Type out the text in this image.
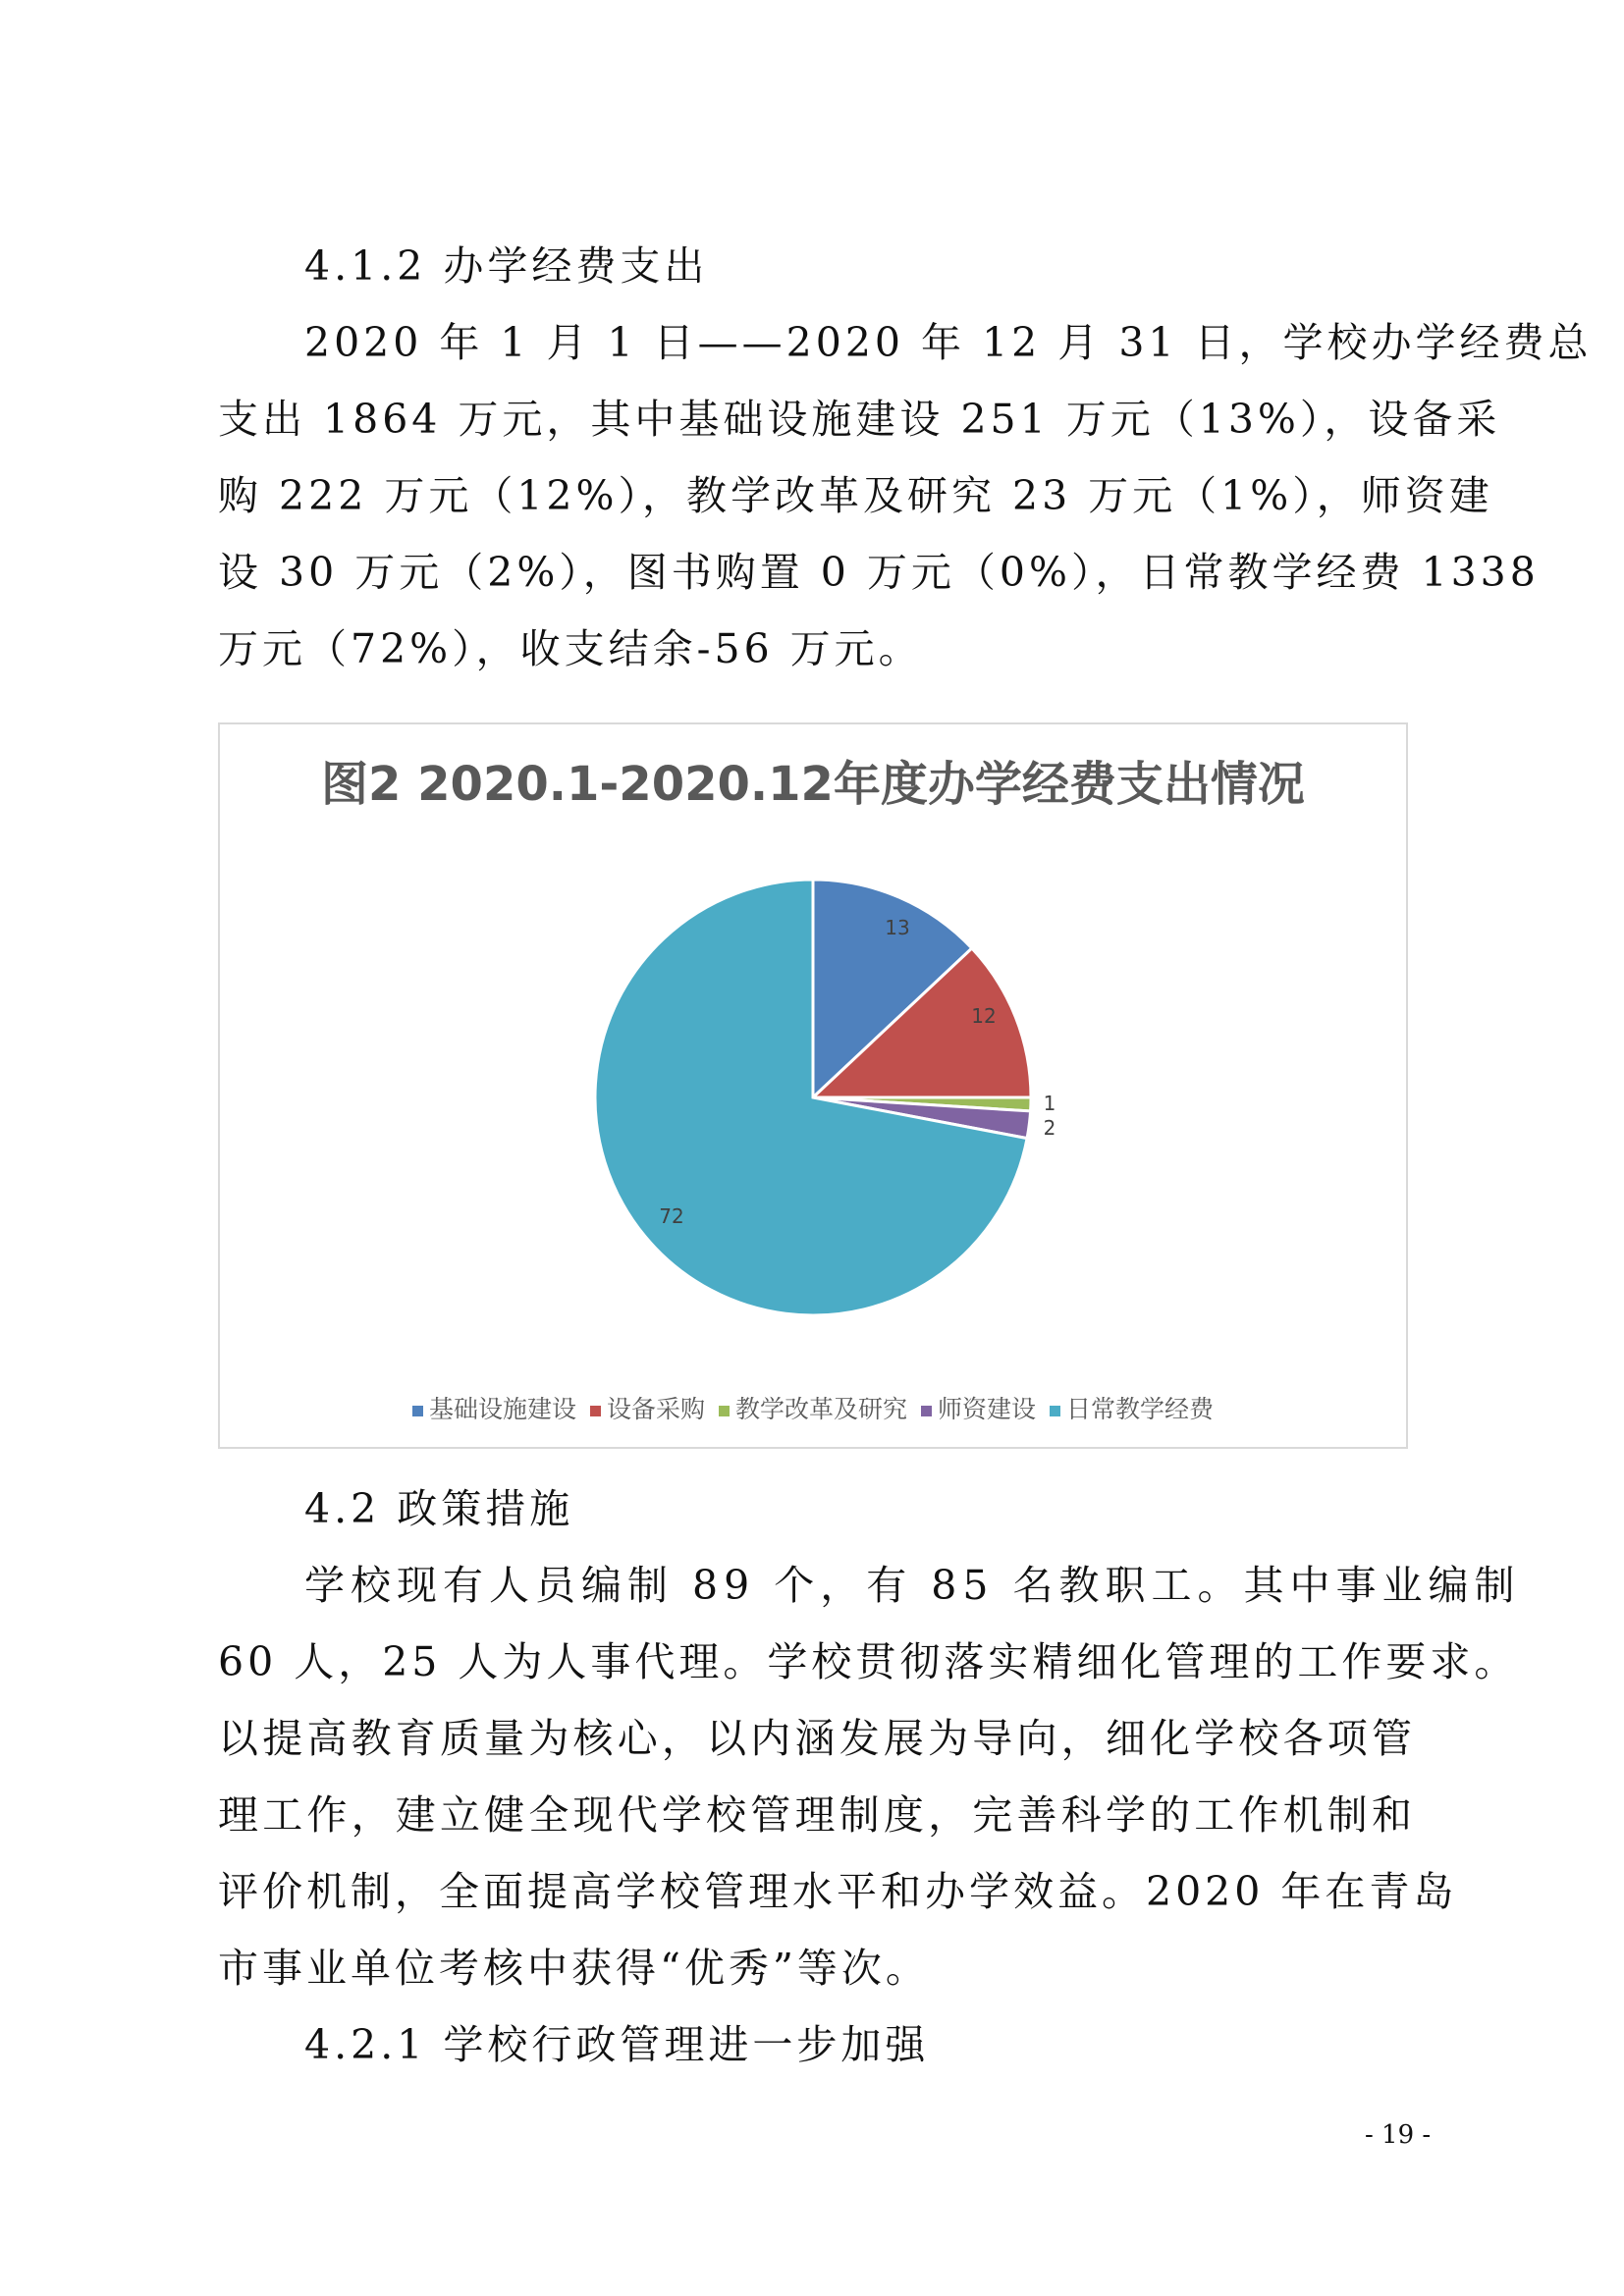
4.1.2 办学经费支出
2020 年 1 月 1 日——2020 年 12 月 31 日，学校办学经费总
支出 1864 万元，其中基础设施建设 251 万元（13%），设备采
购 222 万元（12%），教学改革及研究 23 万元（1%），师资建
设 30 万元（2%），图书购置 0 万元（0%），日常教学经费 1338
万元（72%），收支结余-56 万元。
图2 2020.1-2020.12年度办学经费支出情况
13
12
1
2
72
基础设施建设 设备采购 教学改革及研究 师资建设 日常教学经费
4.2 政策措施
学校现有人员编制 89 个，有 85 名教职工。其中事业编制
60 人，25 人为人事代理。学校贯彻落实精细化管理的工作要求。
以提高教育质量为核心，以内涵发展为导向，细化学校各项管
理工作，建立健全现代学校管理制度，完善科学的工作机制和
评价机制，全面提高学校管理水平和办学效益。2020 年在青岛
市事业单位考核中获得“优秀”等次。
4.2.1 学校行政管理进一步加强
- 19 -
